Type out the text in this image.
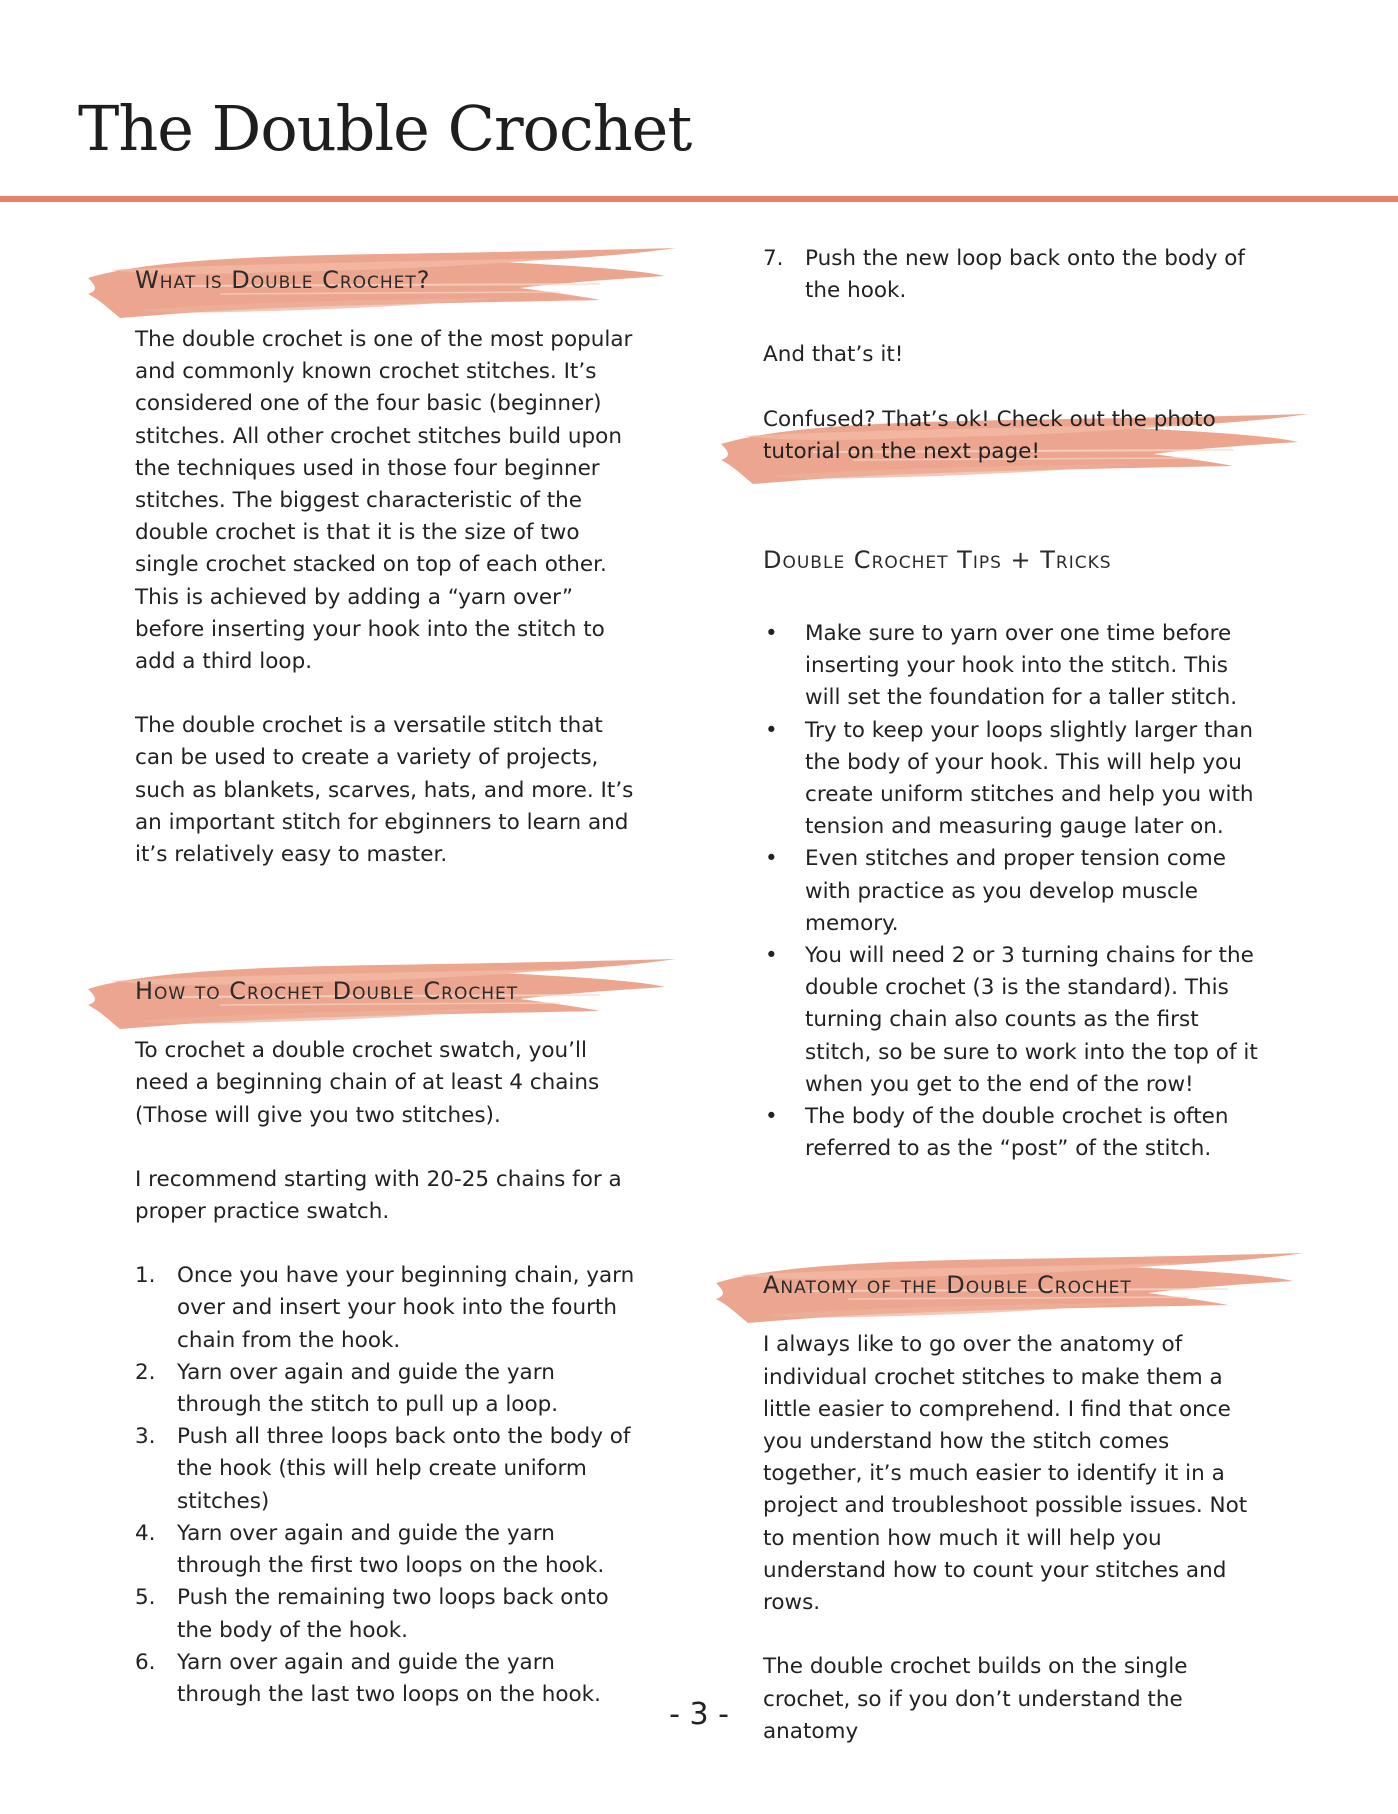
The Double Crochet
What is Double Crochet?

The double crochet is one of the most popular and commonly known crochet stitches. It’s considered one of the four basic (beginner) stitches. All other crochet stitches build upon the techniques used in those four beginner stitches. The biggest characteristic of the double crochet is that it is the size of two single crochet stacked on top of each other. This is achieved by adding a “yarn over” before inserting your hook into the stitch to add a third loop.

The double crochet is a versatile stitch that can be used to create a variety of projects, such as blankets, scarves, hats, and more. It’s an important stitch for ebginners to learn and it’s relatively easy to master.

How to Crochet Double Crochet

To crochet a double crochet swatch, you’ll need a beginning chain of at least 4 chains (Those will give you two stitches).

I recommend starting with 20-25 chains for a proper practice swatch.

1. Once you have your beginning chain, yarn over and insert your hook into the fourth chain from the hook.
2. Yarn over again and guide the yarn through the stitch to pull up a loop.
3. Push all three loops back onto the body of the hook (this will help create uniform stitches)
4. Yarn over again and guide the yarn through the first two loops on the hook.
5. Push the remaining two loops back onto the body of the hook.
6. Yarn over again and guide the yarn through the last two loops on the hook.
7. Push the new loop back onto the body of the hook.

And that’s it!

Confused? That’s ok! Check out the photo tutorial on the next page!

Double Crochet Tips + Tricks
• Make sure to yarn over one time before inserting your hook into the stitch. This will set the foundation for a taller stitch.
• Try to keep your loops slightly larger than the body of your hook. This will help you create uniform stitches and help you with tension and measuring gauge later on.
• Even stitches and proper tension come with practice as you develop muscle memory.
• You will need 2 or 3 turning chains for the double crochet (3 is the standard). This turning chain also counts as the first stitch, so be sure to work into the top of it when you get to the end of the row!
• The body of the double crochet is often referred to as the “post” of the stitch.
Anatomy of the Double Crochet

I always like to go over the anatomy of individual crochet stitches to make them a little easier to comprehend. I find that once you understand how the stitch comes together, it’s much easier to identify it in a project and troubleshoot possible issues. Not to mention how much it will help you understand how to count your stitches and rows.

The double crochet builds on the single crochet, so if you don’t understand the anatomy

- 3 -
